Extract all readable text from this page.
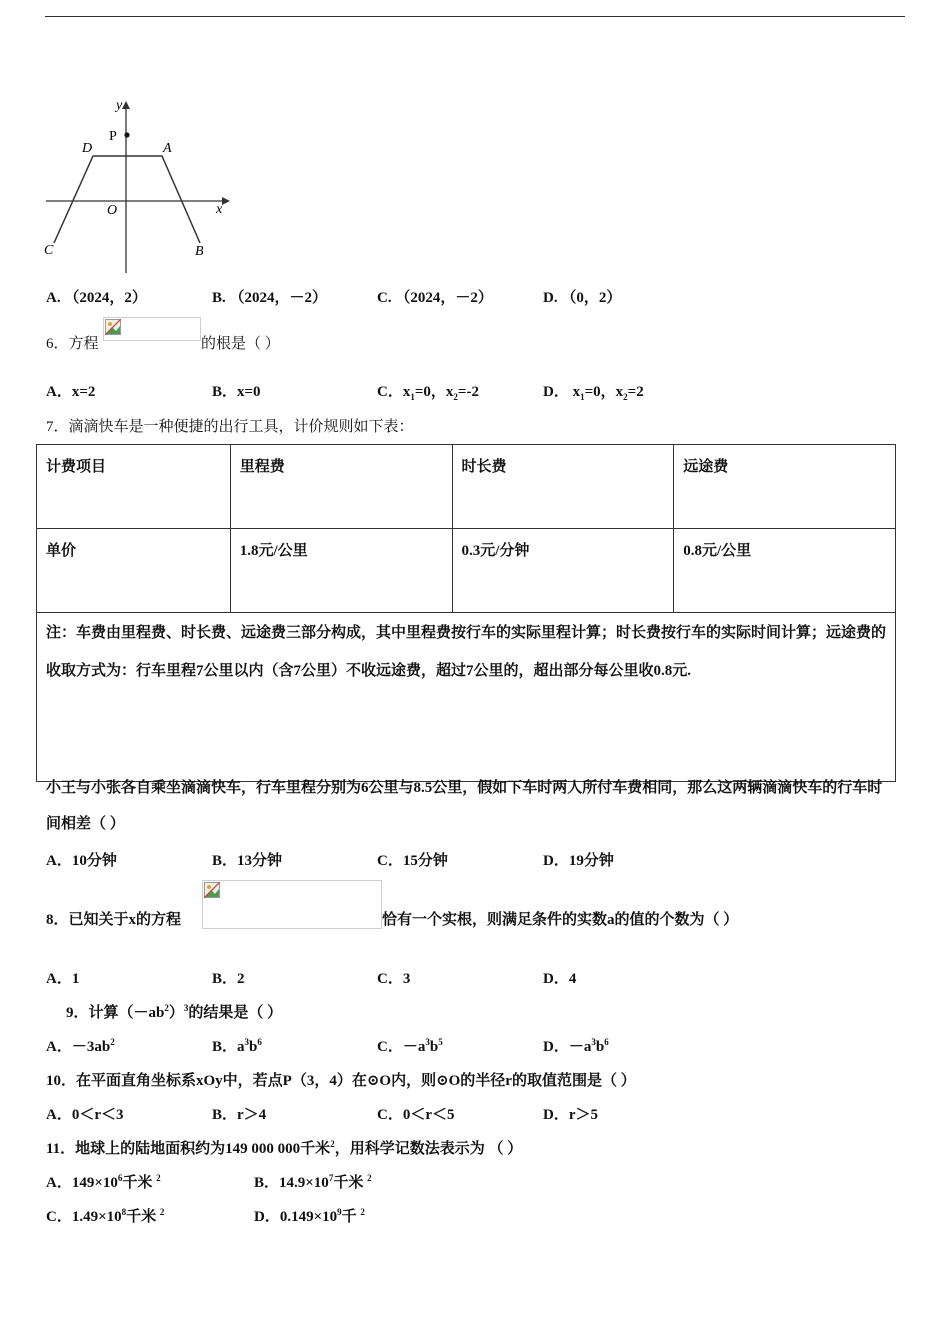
x
y
P
O
A
B
C
D
A. （2024，2）	B. （2024，－2）	C. （2024，－2）	D. （0，2）
6．方程	的根是（ ）
A．x=2	B．x=0	C．$x_1=0$，$x_2=-2$	D． $x_1=0$，$x_2=2$
7．滴滴快车是一种便捷的出行工具，计价规则如下表：
计费项目	里程费	时长费	远途费
单价	1.8元/公里	0.3元/分钟	0.8元/公里
注：车费由里程费、时长费、远途费三部分构成，其中里程费按行车的实际里程计算；时长费按行车的实际时间计算；远途费的收取方式为：行车里程7公里以内（含7公里）不收远途费，超过7公里的，超出部分每公里收0.8元.			
小王与小张各自乘坐滴滴快车，行车里程分别为6公里与8.5公里，假如下车时两人所付车费相同，那么这两辆滴滴快车的行车时间相差（ ）
A．10分钟	B．13分钟	C．15分钟	D．19分钟
8．已知关于x的方程	恰有一个实根，则满足条件的实数a的值的个数为（ ）
A．1	B．2	C．3	D．4
9．计算$(-ab^2)^3$的结果是（ ）
A．$-3ab^2$	B．$a^3b^6$	C．$-a^3b^5$	D．$-a^3b^6$
10．在平面直角坐标系xOy中，若点P（3，4）在⊙O内，则⊙O的半径r的取值范围是（ ）
A．0＜r＜3	B．r＞4	C．0＜r＜5	D．r＞5
11．地球上的陆地面积约为149 000 000千米$^2$，用科学记数法表示为 （ ）
A．$149\times 10^6$千米 $^2$	B．$14.9\times 10^7$千米 $^2$
C．$1.49\times 10^8$千米 $^2$	D．$0.149\times 10^9$千 $^2$
